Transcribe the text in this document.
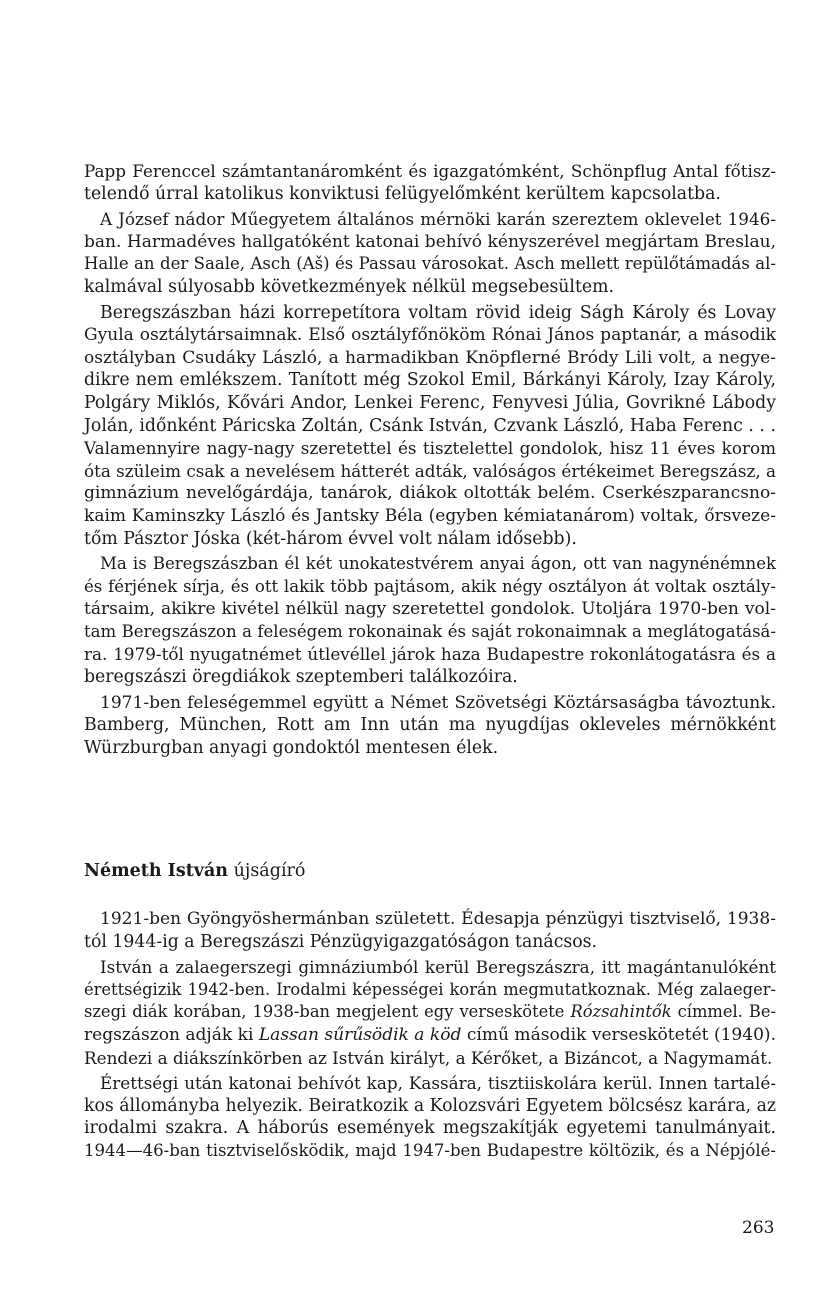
Papp Ferenccel számtantanáromként és igazgatómként, Schönpflug Antal főtisz-
telendő úrral katolikus konviktusi felügyelőmként kerültem kapcsolatba.

A József nádor Műegyetem általános mérnöki karán szereztem oklevelet 1946-
ban. Harmadéves hallgatóként katonai behívó kényszerével megjártam Breslau,
Halle an der Saale, Asch (Aš) és Passau városokat. Asch mellett repülőtámadás al-
kalmával súlyosabb következmények nélkül megsebesültem.

Beregszászban házi korrepetítora voltam rövid ideig Ságh Károly és Lovay
Gyula osztálytársaimnak. Első osztályfőnököm Rónai János paptanár, a második
osztályban Csudáky László, a harmadikban Knöpflerné Bródy Lili volt, a negye-
dikre nem emlékszem. Tanított még Szokol Emil, Bárkányi Károly, Izay Károly,
Polgáry Miklós, Kővári Andor, Lenkei Ferenc, Fenyvesi Júlia, Govrikné Lábody
Jolán, időnként Páricska Zoltán, Csánk István, Czvank László, Haba Ferenc . . .
Valamennyire nagy-nagy szeretettel és tisztelettel gondolok, hisz 11 éves korom
óta szüleim csak a nevelésem hátterét adták, valóságos értékeimet Beregszász, a
gimnázium nevelőgárdája, tanárok, diákok oltották belém. Cserkészparancsno-
kaim Kaminszky László és Jantsky Béla (egyben kémiatanárom) voltak, őrsveze-
tőm Pásztor Jóska (két-három évvel volt nálam idősebb).

Ma is Beregszászban él két unokatestvérem anyai ágon, ott van nagynénémnek
és férjének sírja, és ott lakik több pajtásom, akik négy osztályon át voltak osztály-
társaim, akikre kivétel nélkül nagy szeretettel gondolok. Utoljára 1970-ben vol-
tam Beregszászon a feleségem rokonainak és saját rokonaimnak a meglátogatásá-
ra. 1979-től nyugatnémet útlevéllel járok haza Budapestre rokonlátogatásra és a
beregszászi öregdiákok szeptemberi találkozóira.

1971-ben feleségemmel együtt a Német Szövetségi Köztársaságba távoztunk.
Bamberg, München, Rott am Inn után ma nyugdíjas okleveles mérnökként
Würzburgban anyagi gondoktól mentesen élek.

Németh István újságíró

1921-ben Gyöngyöshermánban született. Édesapja pénzügyi tisztviselő, 1938-
tól 1944-ig a Beregszászi Pénzügyigazgatóságon tanácsos.

István a zalaegerszegi gimnáziumból kerül Beregszászra, itt magántanulóként
érettségizik 1942-ben. Irodalmi képességei korán megmutatkoznak. Még zalaeger-
szegi diák korában, 1938-ban megjelent egy verseskötete Rózsahintők címmel. Be-
regszászon adják ki Lassan sűrűsödik a köd című második verseskötetét (1940).
Rendezi a diákszínkörben az István királyt, a Kérőket, a Bizáncot, a Nagymamát.

Érettségi után katonai behívót kap, Kassára, tisztiiskolára kerül. Innen tartalé-
kos állományba helyezik. Beiratkozik a Kolozsvári Egyetem bölcsész karára, az
irodalmi szakra. A háborús események megszakítják egyetemi tanulmányait.
1944—46-ban tisztviselősködik, majd 1947-ben Budapestre költözik, és a Népjólé-

263
